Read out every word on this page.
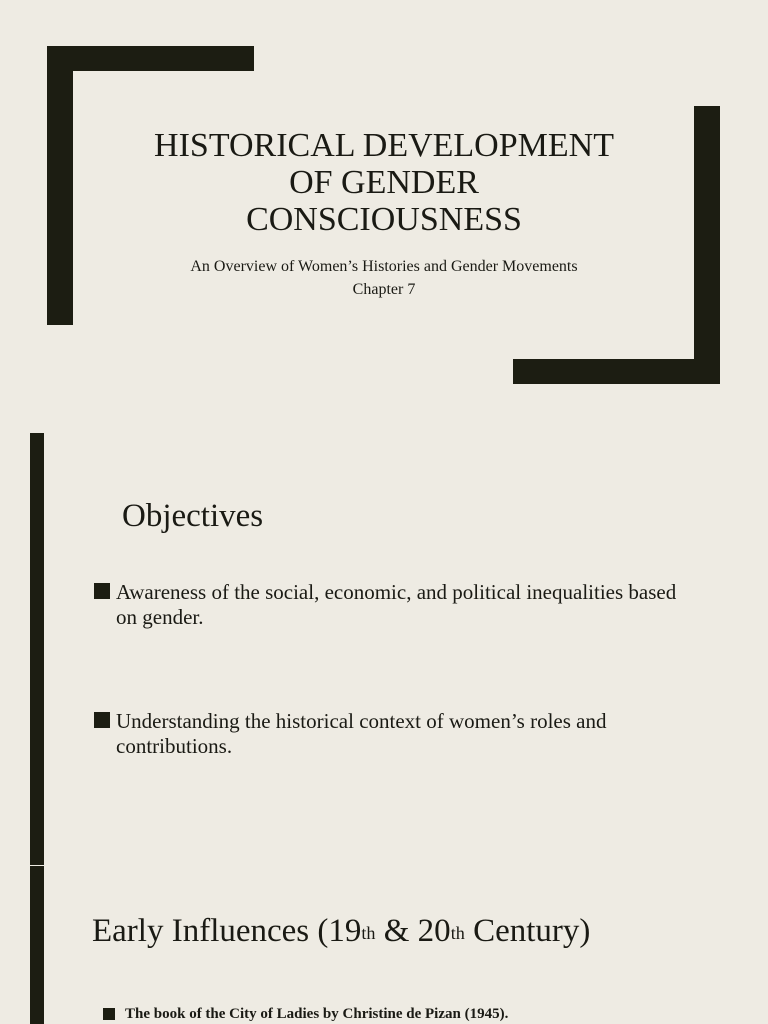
HISTORICAL DEVELOPMENT
OF GENDER
CONSCIOUSNESS
An Overview of Women’s Histories and Gender Movements
Chapter 7
Objectives
Awareness of the social, economic, and political inequalities based on gender.
Understanding the historical context of women’s roles and contributions.
Early Influences (19th & 20th Century)
The book of the City of Ladies by Christine de Pizan (1945).
